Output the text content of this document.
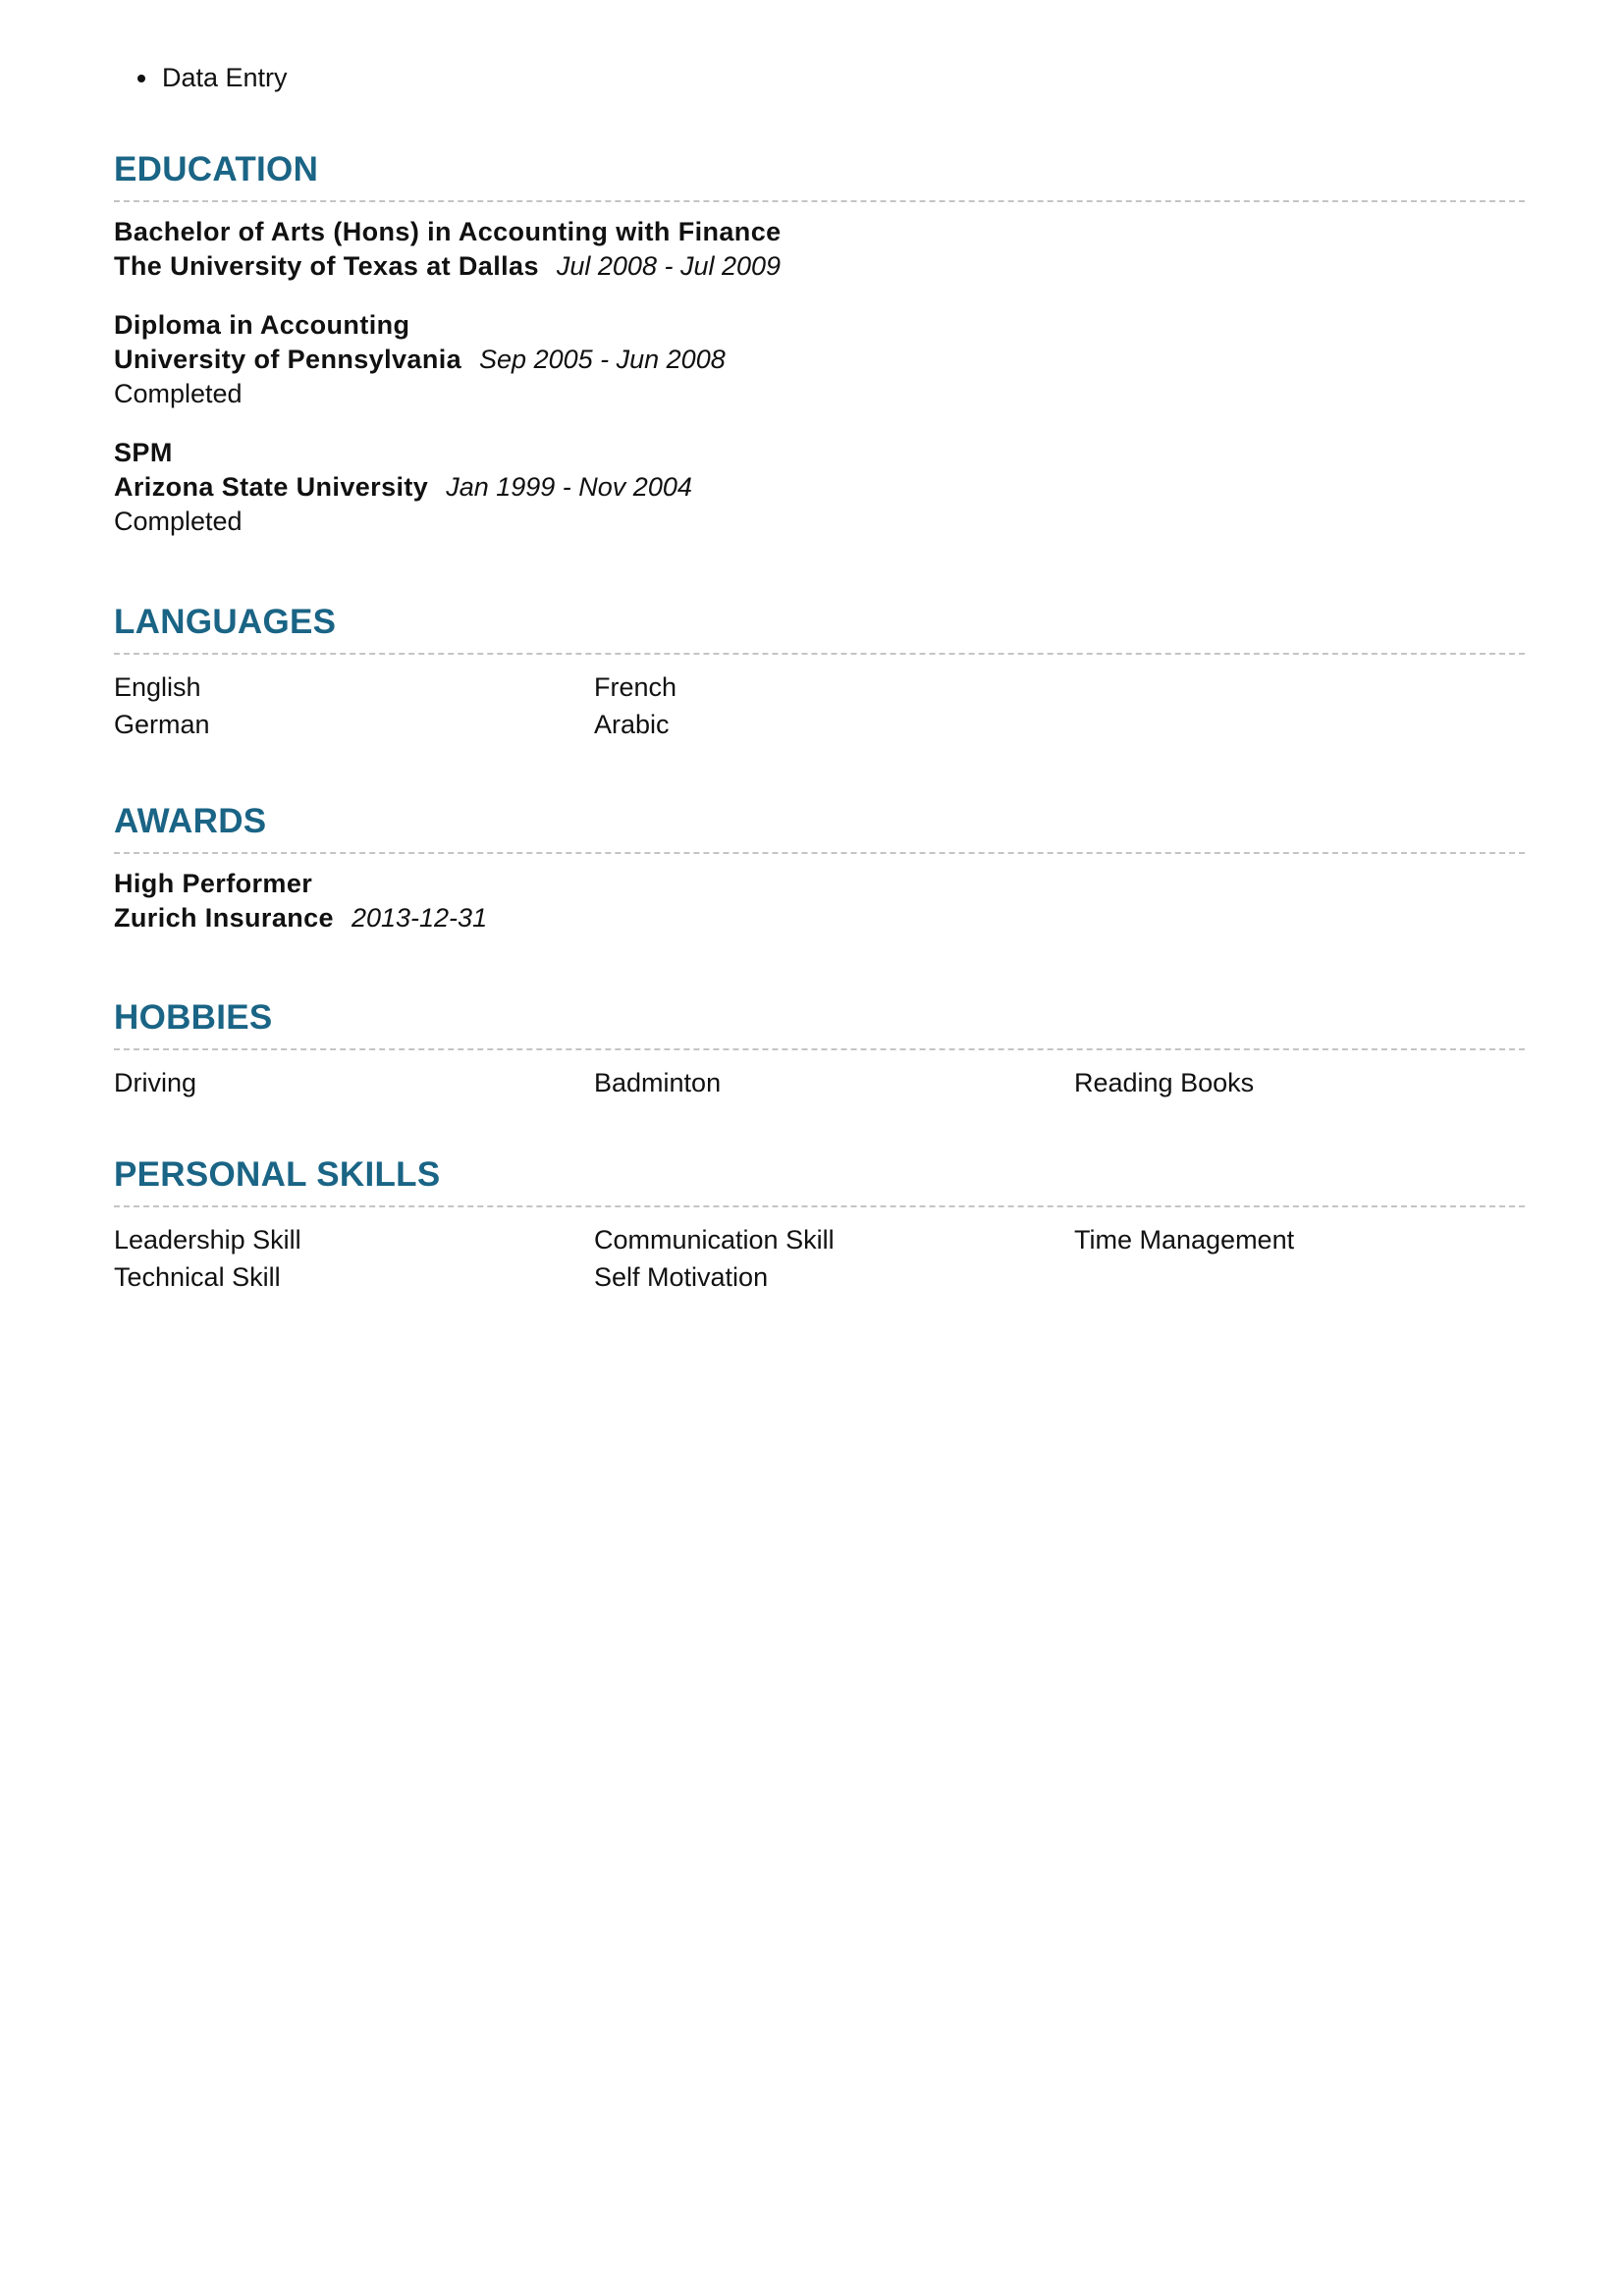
• Data Entry
EDUCATION
Bachelor of Arts (Hons) in Accounting with Finance
The University of Texas at Dallas Jul 2008 - Jul 2009
Diploma in Accounting
University of Pennsylvania Sep 2005 - Jun 2008
Completed
SPM
Arizona State University Jan 1999 - Nov 2004
Completed
LANGUAGES
English	French
German	Arabic
AWARDS
High Performer
Zurich Insurance 2013-12-31
HOBBIES
Driving	Badminton	Reading Books
PERSONAL SKILLS
Leadership Skill	Communication Skill	Time Management
Technical Skill	Self Motivation
